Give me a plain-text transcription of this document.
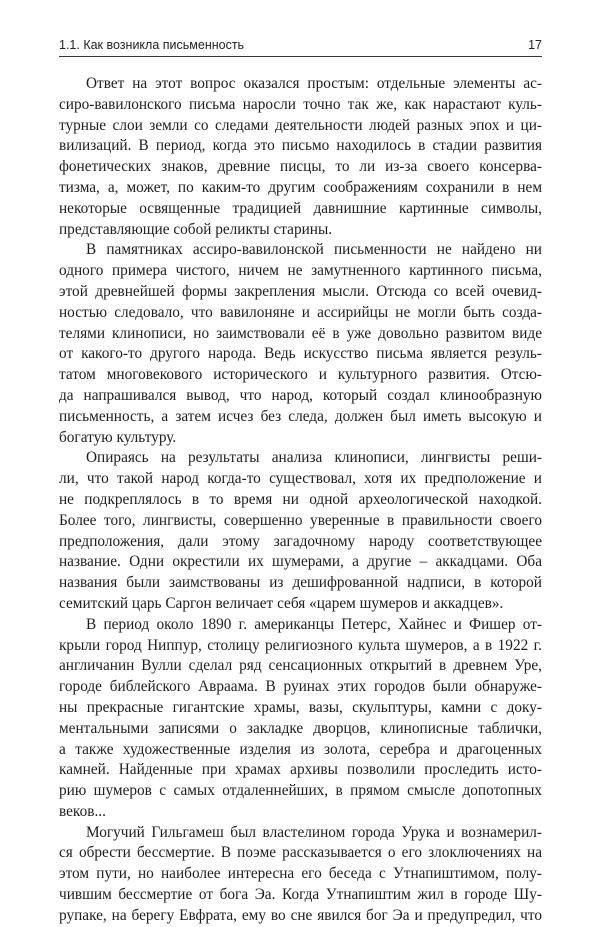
1.1. Как возникла письменность	17
Ответ на этот вопрос оказался простым: отдельные элементы ас-
сиро-вавилонского письма наросли точно так же, как нарастают куль-
турные слои земли со следами деятельности людей разных эпох и ци-
вилизаций. В период, когда это письмо находилось в стадии развития
фонетических знаков, древние писцы, то ли из-за своего консерва-
тизма, а, может, по каким-то другим соображениям сохранили в нем
некоторые освященные традицией давнишние картинные символы,
представляющие собой реликты старины.
В памятниках ассиро-вавилонской письменности не найдено ни
одного примера чистого, ничем не замутненного картинного письма,
этой древнейшей формы закрепления мысли. Отсюда со всей очевид-
ностью следовало, что вавилоняне и ассирийцы не могли быть созда-
телями клинописи, но заимствовали её в уже довольно развитом виде
от какого-то другого народа. Ведь искусство письма является резуль-
татом многовекового исторического и культурного развития. Отсю-
да напрашивался вывод, что народ, который создал клинообразную
письменность, а затем исчез без следа, должен был иметь высокую и
богатую культуру.
Опираясь на результаты анализа клинописи, лингвисты реши-
ли, что такой народ когда-то существовал, хотя их предположение и
не подкреплялось в то время ни одной археологической находкой.
Более того, лингвисты, совершенно уверенные в правильности своего
предположения, дали этому загадочному народу соответствующее
название. Одни окрестили их шумерами, а другие – аккадцами. Оба
названия были заимствованы из дешифрованной надписи, в которой
семитский царь Саргон величает себя «царем шумеров и аккадцев».
В период около 1890 г. американцы Петерс, Хайнес и Фишер от-
крыли город Ниппур, столицу религиозного культа шумеров, а в 1922 г.
англичанин Вулли сделал ряд сенсационных открытий в древнем Уре,
городе библейского Авраама. В руинах этих городов были обнаруже-
ны прекрасные гигантские храмы, вазы, скульптуры, камни с доку-
ментальными записями о закладке дворцов, клинописные таблички,
а также художественные изделия из золота, серебра и драгоценных
камней. Найденные при храмах архивы позволили проследить исто-
рию шумеров с самых отдаленнейших, в прямом смысле допотопных
веков...
Могучий Гильгамеш был властелином города Урука и вознамерил-
ся обрести бессмертие. В поэме рассказывается о его злоключениях на
этом пути, но наиболее интересна его беседа с Утнапиштимом, полу-
чившим бессмертие от бога Эа. Когда Утнапиштим жил в городе Шу-
рупаке, на берегу Евфрата, ему во сне явился бог Эа и предупредил, что
